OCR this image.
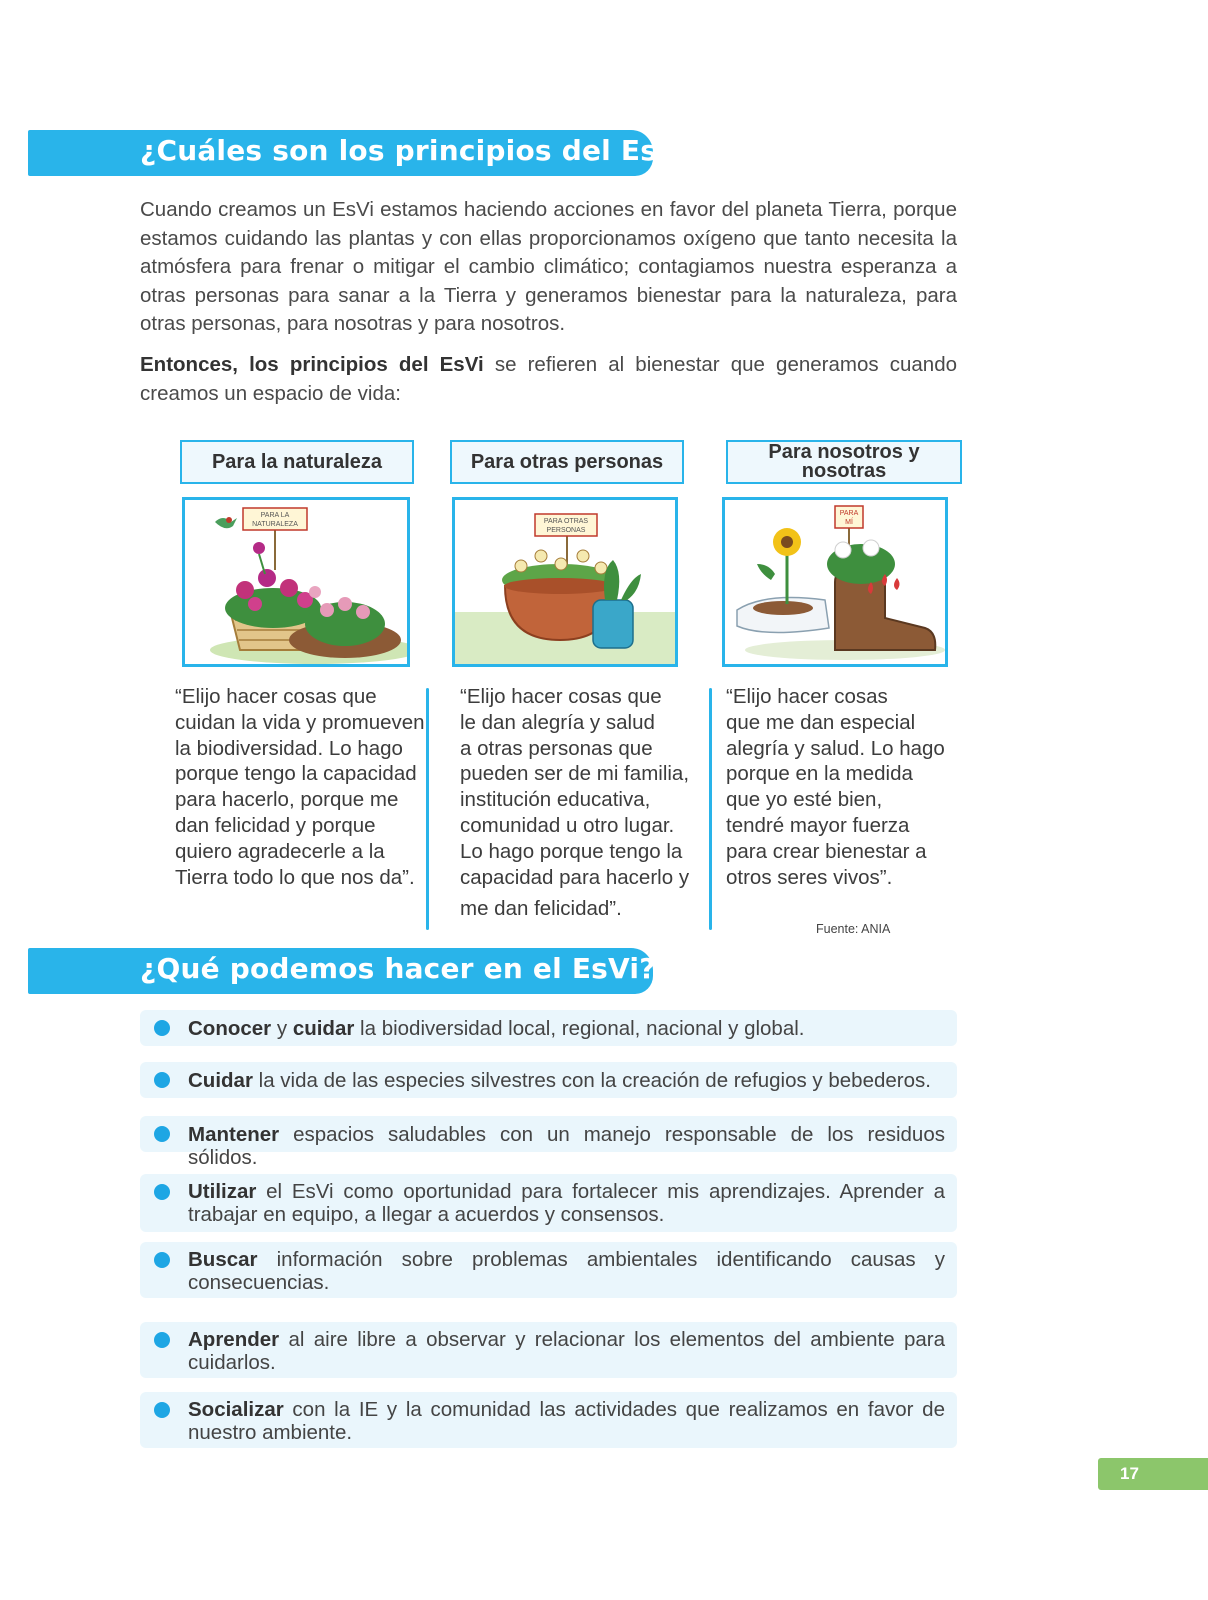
¿Cuáles son los principios del EsVi?

Cuando creamos un EsVi estamos haciendo acciones en favor del planeta Tierra, porque estamos cuidando las plantas y con ellas proporcionamos oxígeno que tanto necesita la atmósfera para frenar o mitigar el cambio climático; contagiamos nuestra esperanza a otras personas para sanar a la Tierra y generamos bienestar para la naturaleza, para otras personas, para nosotras y para nosotros.

Entonces, los principios del EsVi se refieren al bienestar que generamos cuando creamos un espacio de vida:

Para la naturaleza	Para otras personas	Para nosotros y nosotras
PARA LA
NATURALEZA	PARA OTRAS
PERSONAS
PARA
MÍ

“Elijo hacer cosas que
cuidan la vida y promueven
la biodiversidad. Lo hago
porque tengo la capacidad
para hacerlo, porque me
dan felicidad y porque
quiero agradecerle a la
Tierra todo lo que nos da”.

“Elijo hacer cosas que
le dan alegría y salud
a otras personas que
pueden ser de mi familia,
institución educativa,
comunidad u otro lugar.
Lo hago porque tengo la
capacidad para hacerlo y
me dan felicidad”.

“Elijo hacer cosas
que me dan especial
alegría y salud. Lo hago
porque en la medida
que yo esté bien,
tendré mayor fuerza
para crear bienestar a
otros seres vivos”.

Fuente: ANIA

¿Qué podemos hacer en el EsVi?

Conocer y cuidar la biodiversidad local, regional, nacional y global.

Cuidar la vida de las especies silvestres con la creación de refugios y bebederos.

Mantener espacios saludables con un manejo responsable de los residuos sólidos.

Utilizar el EsVi como oportunidad para fortalecer mis aprendizajes. Aprender a trabajar en equipo, a llegar a acuerdos y consensos.

Buscar información sobre problemas ambientales identificando causas y consecuencias.

Aprender al aire libre a observar y relacionar los elementos del ambiente para cuidarlos.

Socializar con la IE y la comunidad las actividades que realizamos en favor de nuestro ambiente.

17
